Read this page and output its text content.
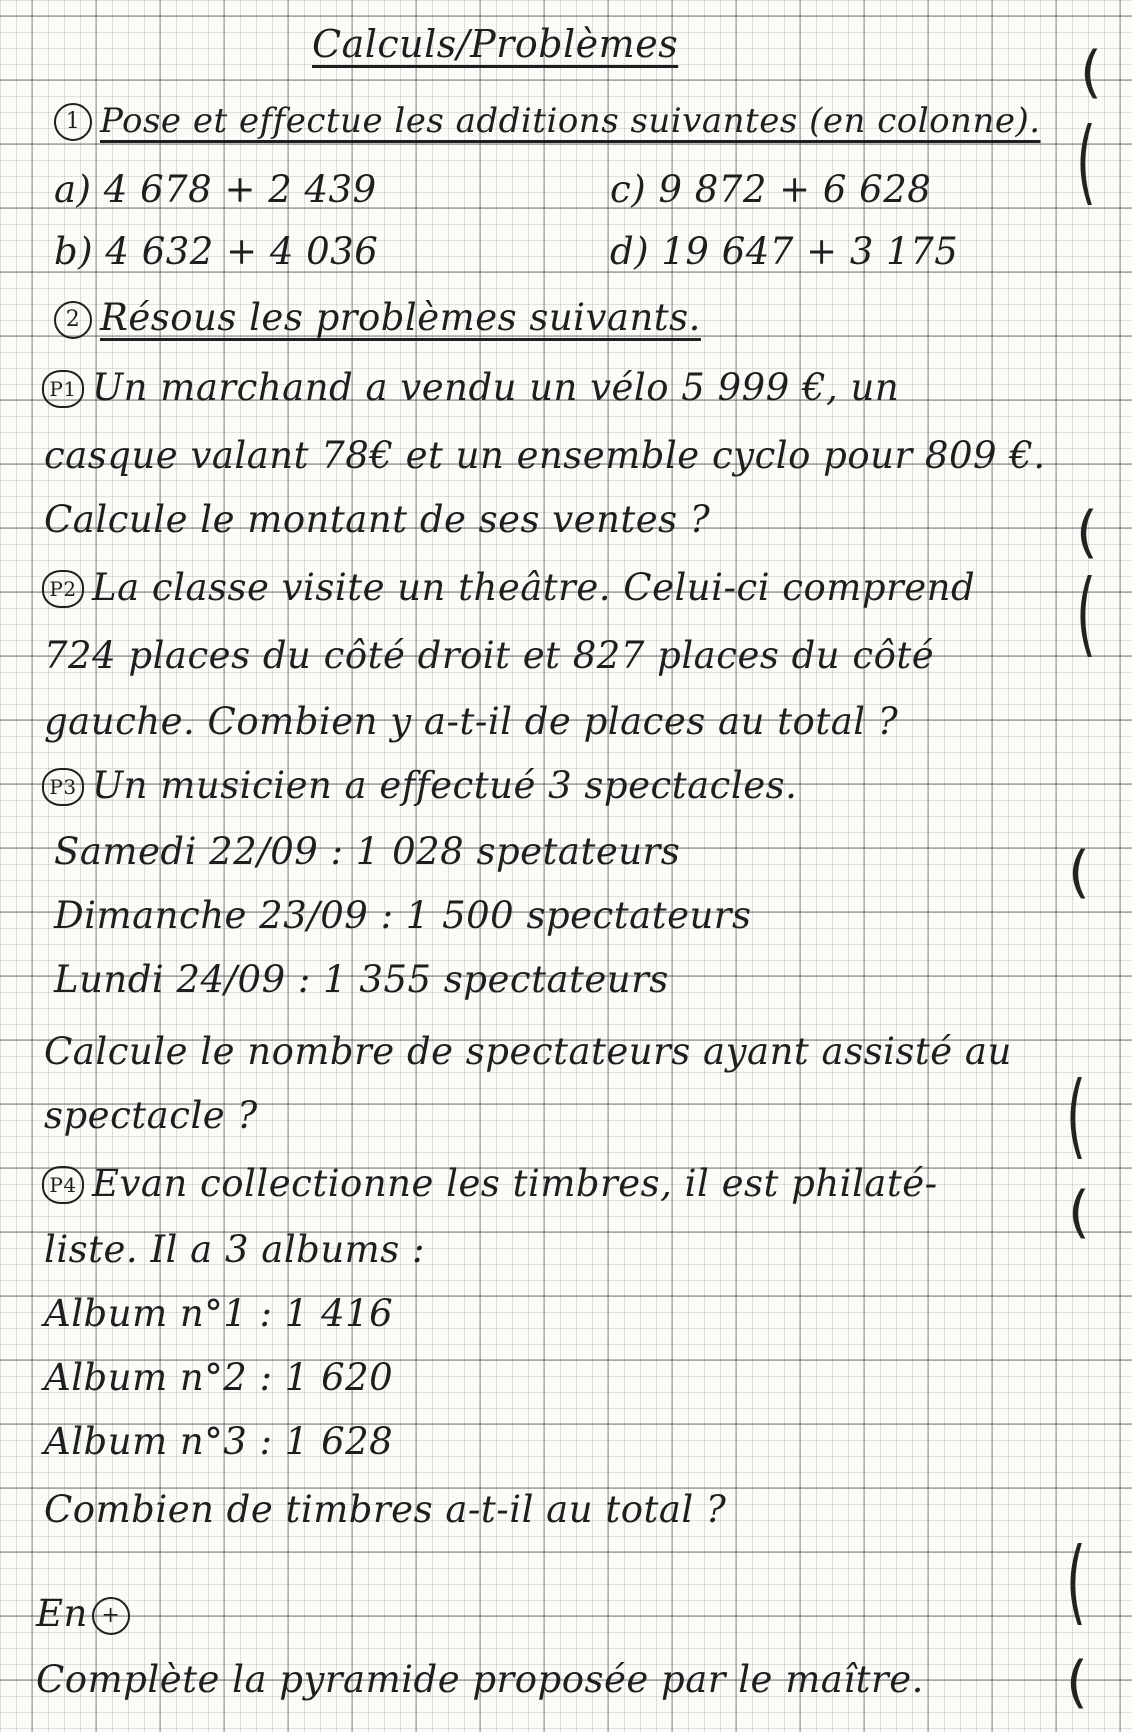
Calculs/Problèmes
1 Pose et effectue les additions suivantes (en colonne).
a) 4 678 + 2 439	c) 9 872 + 6 628
b) 4 632 + 4 036	d) 19 647 + 3 175
2 Résous les problèmes suivants.
P1 Un marchand a vendu un vélo 5 999 €, un
casque valant 78€ et un ensemble cyclo pour 809 €.
Calcule le montant de ses ventes ?
P2 La classe visite un theâtre. Celui-ci comprend
724 places du côté droit et 827 places du côté
gauche. Combien y a-t-il de places au total ?
P3 Un musicien a effectué 3 spectacles.
Samedi 22/09 : 1 028 spetateurs
Dimanche 23/09 : 1 500 spectateurs
Lundi 24/09 : 1 355 spectateurs
Calcule le nombre de spectateurs ayant assisté au
spectacle ?
P4 Evan collectionne les timbres, il est philaté-
liste. Il a 3 albums :
Album n°1 : 1 416
Album n°2 : 1 620
Album n°3 : 1 628
Combien de timbres a-t-il au total ?
En +
Complète la pyramide proposée par le maître.
(
(
(
(
(
(
(
(
(
